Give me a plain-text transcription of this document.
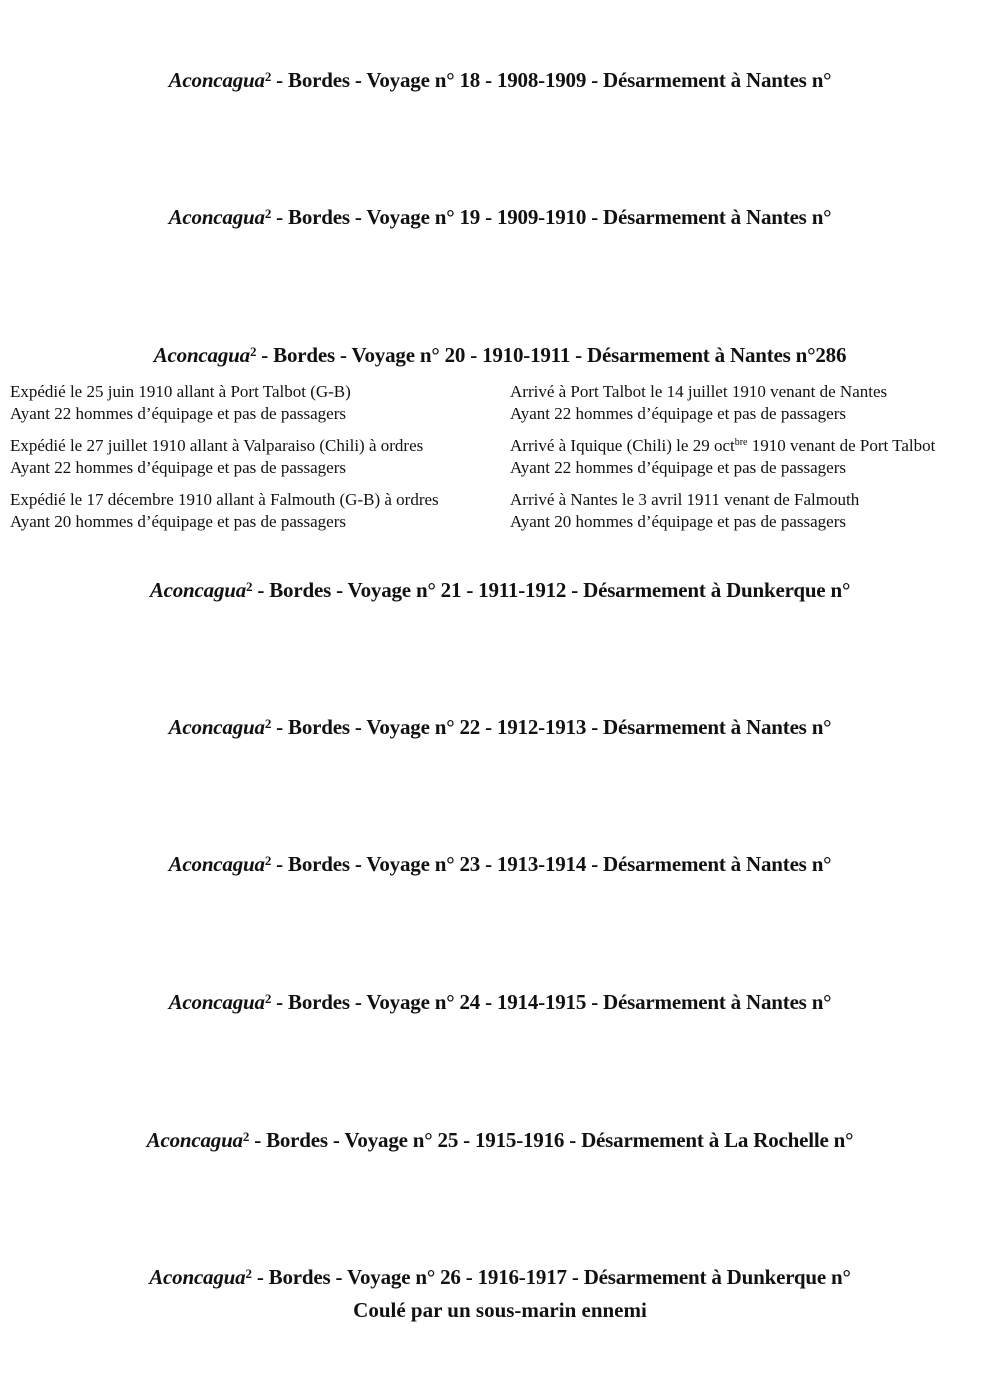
Aconcagua$^2$ - Bordes - Voyage n° 18 - 1908-1909 - Désarmement à Nantes n°
Aconcagua$^2$ - Bordes - Voyage n° 19 - 1909-1910 - Désarmement à Nantes n°
Aconcagua$^2$ - Bordes - Voyage n° 20 - 1910-1911 - Désarmement à Nantes n°286
Expédié le 25 juin 1910 allant à Port Talbot (G-B)
Ayant 22 hommes d’équipage et pas de passagers
Expédié le 27 juillet 1910 allant à Valparaiso (Chili) à ordres
Ayant 22 hommes d’équipage et pas de passagers
Expédié le 17 décembre 1910 allant à Falmouth (G-B) à ordres
Ayant 20 hommes d’équipage et pas de passagers
Arrivé à Port Talbot le 14 juillet 1910 venant de Nantes
Ayant 22 hommes d’équipage et pas de passagers
Arrivé à Iquique (Chili) le 29 oct$^{bre}$ 1910 venant de Port Talbot
Ayant 22 hommes d’équipage et pas de passagers
Arrivé à Nantes le 3 avril 1911 venant de Falmouth
Ayant 20 hommes d’équipage et pas de passagers
Aconcagua$^2$ - Bordes - Voyage n° 21 - 1911-1912 - Désarmement à Dunkerque n°
Aconcagua$^2$ - Bordes - Voyage n° 22 - 1912-1913 - Désarmement à Nantes n°
Aconcagua$^2$ - Bordes - Voyage n° 23 - 1913-1914 - Désarmement à Nantes n°
Aconcagua$^2$ - Bordes - Voyage n° 24 - 1914-1915 - Désarmement à Nantes n°
Aconcagua$^2$ - Bordes - Voyage n° 25 - 1915-1916 - Désarmement à La Rochelle n°
Aconcagua$^2$ - Bordes - Voyage n° 26 - 1916-1917 - Désarmement à Dunkerque n°
Coulé par un sous-marin ennemi
